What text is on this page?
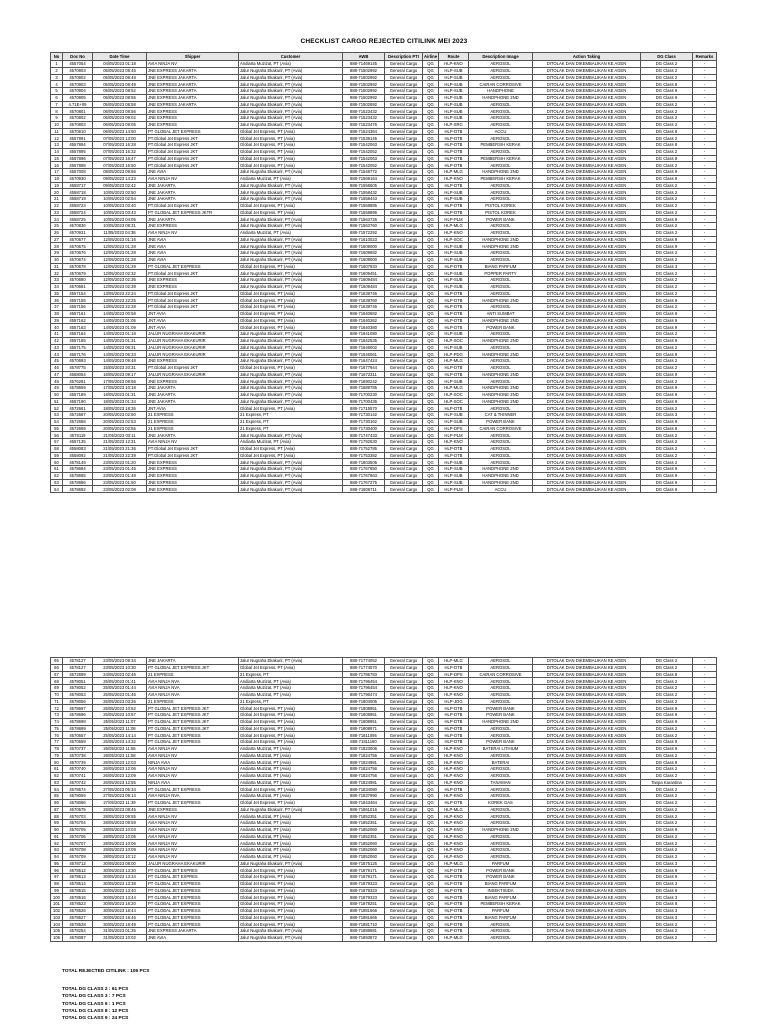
CHECKLIST CARGO REJECTED CITILINK MEI 2023
No	Doc No	Date Time	Shipper	Customer	AWB	Description PTI	Airline	Route	Description Image	Action Taking	DG Class	Remarks
1	4557054	04/05/2023 01:18	AVIA NINJA NV	Andiarta Muzizat, PT (Avia)	888-71469145	General Cargo	QG	HLP-KNO	AEROSOL	DITOLAK DAN DIKEMBALIKAN KE AGEN	DG Class 2	-
2	4570903	05/05/2023 08:45	JNE EXPRESS JAKARTA	Jalur Nugraha Ekakurir, PT (Avia)	888-71502992	General Cargo	QG	HLP-SUB	AEROSOL	DITOLAK DAN DIKEMBALIKAN KE AGEN	DG Class 2	-
3	4570902	05/05/2023 08:48	JNE EXPRESS JAKARTA	Jalur Nugraha Ekakurir, PT (Avia)	888-71502992	General Cargo	QG	HLP-SUB	AEROSOL	DITOLAK DAN DIKEMBALIKAN KE AGEN	DG Class 2	-
4	4570903	05/05/2023 08:49	JNE EXPRESS JAKARTA	Jalur Nugraha Ekakurir, PT (Avia)	888-71502992	General Cargo	QG	HLP-SUB	CAIRAN CORROSIVE	DITOLAK DAN DIKEMBALIKAN KE AGEN	DG Class 8	-
5	4570904	05/05/2023 08:52	JNE EXPRESS JAKARTA	Jalur Nugraha Ekakurir, PT (Avia)	888-71502992	General Cargo	QG	HLP-SUB	HANDPHONE	DITOLAK DAN DIKEMBALIKAN KE AGEN	DG Class 9	-
6	4570905	05/05/2023 08:55	JNE EXPRESS JAKARTA	Jalur Nugraha Ekakurir, PT (Avia)	888-71502992	General Cargo	QG	HLP-SUB	HANDPHONE 2ND	DITOLAK DAN DIKEMBALIKAN KE AGEN	DG Class 9	-
7	4.71E+09	05/05/2023 08:58	JNE EXPRESS JAKARTA	Jalur Nugraha Ekakurir, PT (Avia)	888-71502992	General Cargo	QG	HLP-SUB	AEROSOL	DITOLAK DAN DIKEMBALIKAN KE AGEN	DG Class 2	-
8	4570801	06/05/2023 08:56	JNE EXPRESS	Jalur Nugraha Ekakurir, PT (Avia)	888-71523432	General Cargo	QG	HLP-SUB	AEROSOL	DITOLAK DAN DIKEMBALIKAN KE AGEN	DG Class 2	-
9	4570802	06/05/2023 09:02	JNE EXPRESS	Jalur Nugraha Ekakurir, PT (Avia)	888-71523432	General Cargo	QG	HLP-SUB	AEROSOL	DITOLAK DAN DIKEMBALIKAN KE AGEN	DG Class 2	-
10	4570803	06/05/2023 09:05	JNE EXPRESS	Jalur Nugraha Ekakurir, PT (Avia)	888-71523476	General Cargo	QG	HLP-SRG	AEROSOL	DITOLAK DAN DIKEMBALIKAN KE AGEN	DG Class 2	-
11	4570810	06/05/2023 14:50	PT GLOBAL JET EXPRESS	Global Jet Express, PT (Avia)	888-71524364	General Cargo	QG	HLP-DTB	ACCU	DITOLAK DAN DIKEMBALIKAN KE AGEN	DG Class 8	-
12	4557891	07/05/2023 13:00	PT.Global Jet Express JKT	Global Jet Express, PT (Avia)	888-71539145	General Cargo	QG	HLP-DTB	AEROSOL	DITOLAK DAN DIKEMBALIKAN KE AGEN	DG Class 2	-
13	4557894	07/05/2023 16:28	PT.Global Jet Express JKT	Global Jet Express, PT (Avia)	888-71542063	General Cargo	QG	HLP-DTB	PEMBERSIH KERAK	DITOLAK DAN DIKEMBALIKAN KE AGEN	DG Class 8	-
14	4557895	07/05/2023 16:32	PT.Global Jet Express JKT	Global Jet Express, PT (Avia)	888-71542052	General Cargo	QG	HLP-DTB	AEROSOL	DITOLAK DAN DIKEMBALIKAN KE AGEN	DG Class 2	-
15	4557896	07/05/2023 16:47	PT.Global Jet Express JKT	Global Jet Express, PT (Avia)	888-71542063	General Cargo	QG	HLP-DTB	PEMBERSIH KERAK	DITOLAK DAN DIKEMBALIKAN KE AGEN	DG Class 8	-
16	4557898	07/05/2023 16:50	PT.Global Jet Express JKT	Global Jet Express, PT (Avia)	888-71542052	General Cargo	QG	HLP-DTB	AEROSOL	DITOLAK DAN DIKEMBALIKAN KE AGEN	DG Class 2	-
17	4557008	08/05/2023 09:56	JNE AVIA	Jalur Nugraha Ekakurir, PT (Avia)	888-71548772	General Cargo	QG	HLP-MLG	HANDPHONE 2ND	DITOLAK DAN DIKEMBALIKAN KE AGEN	DG Class 9	-
18	4570930	09/05/2023 14:23	AVIA NINJA NV	Andiarta Muzizat, PT (Avia)	888-71569164	General Cargo	QG	HLP-KNO	PEMBERSIH KERAK	DITOLAK DAN DIKEMBALIKAN KE AGEN	DG Class 8	-
19	4558717	09/05/2023 02:42	JNE JAKARTA	Jalur Nugraha Ekakurir, PT (Avia)	888-71558605	General Cargo	QG	HLP-DTB	AEROSOL	DITOLAK DAN DIKEMBALIKAN KE AGEN	DG Class 2	-
20	4558718	10/05/2023 02:50	JNE JAKARTA	Jalur Nugraha Ekakurir, PT (Avia)	888-71558432	General Cargo	QG	HLP-SUB	AEROSOL	DITOLAK DAN DIKEMBALIKAN KE AGEN	DG Class 2	-
21	4558719	10/05/2023 02:54	JNE JAKARTA	Jalur Nugraha Ekakurir, PT (Avia)	888-71558443	General Cargo	QG	HLP-SUB	AEROSOL	DITOLAK DAN DIKEMBALIKAN KE AGEN	DG Class 2	-
22	4558723	10/05/2023 03:40	PT.Global Jet Express JKT	Global Jet Express, PT (Avia)	888-71558885	General Cargo	QG	HLP-DTB	PISTOL KOREK	DITOLAK DAN DIKEMBALIKAN KE AGEN	DG Class 2	-
23	4558724	10/05/2023 03:43	PT GLOBAL JET EXPRESS JKTR	Global Jet Express, PT (Avia)	888-71558896	General Cargo	QG	HLP-DTB	PISTOL KOREK	DITOLAK DAN DIKEMBALIKAN KE AGEN	DG Class 2	-
24	4558725	10/05/2023 04:05	JNE JAKARTA	Jalur Nugraha Ekakurir, PT (Avia)	888-71563726	General Cargo	QG	HLP-PLM	POWER BANK	DITOLAK DAN DIKEMBALIKAN KE AGEN	DG Class 9	-
25	4570836	10/05/2023 08:31	JNE EXPRESS	Jalur Nugraha Ekakurir, PT (Avia)	888-71563760	General Cargo	QG	HLP-MLG	AEROSOL	DITOLAK DAN DIKEMBALIKAN KE AGEN	DG Class 2	-
26	4570931	11/05/2023 04:38	AVIA NINJA NV	Andiarta Muzizat, PT (Avia)	888-71572292	General Cargo	QG	HLP-KNO	AEROSOL	DITOLAK DAN DIKEMBALIKAN KE AGEN	DG Class 2	-
27	4570677	12/05/2023 01:16	JNE AVIA	Jalur Nugraha Ekakurir, PT (Avia)	888-71610023	General Cargo	QG	HLP-SOC	HANDPHONE 2ND	DITOLAK DAN DIKEMBALIKAN KE AGEN	DG Class 9	-
28	4570675	12/05/2023 01:28	JNE AVIA	Jalur Nugraha Ekakurir, PT (Avia)	888-71609000	General Cargo	QG	HLP-SUB	HANDPHONE 2ND	DITOLAK DAN DIKEMBALIKAN KE AGEN	DG Class 9	-
29	4570676	12/05/2023 01:28	JNE AVIA	Jalur Nugraha Ekakurir, PT (Avia)	888-71609882	General Cargo	QG	HLP-SUB	AEROSOL	DITOLAK DAN DIKEMBALIKAN KE AGEN	DG Class 2	-
30	4570674	12/05/2023 01:28	JNE AVIA	Jalur Nugraha Ekakurir, PT (Avia)	888-71609000	General Cargo	QG	HLP-SUB	AEROSOL	DITOLAK DAN DIKEMBALIKAN KE AGEN	DG Class 2	-
31	4570678	12/05/2023 01:29	PT GLOBAL JET EXPRESS	Global Jet Express, PT (Avia)	888-71607933	General Cargo	QG	HLP-DTB	BIANG PARFUM	DITOLAK DAN DIKEMBALIKAN KE AGEN	DG Class 3	-
32	4570679	12/05/2023 02:32	PT.Global Jet Express JKT	Jalur Nugraha Ekakurir, PT (Avia)	888-71609451	General Cargo	QG	HLP-SUB	POPPER PARTY	DITOLAK DAN DIKEMBALIKAN KE AGEN	DG Class 2	-
33	4570680	12/05/2023 02:36	JNE EXPRESS	Jalur Nugraha Ekakurir, PT (Avia)	888-71609484	General Cargo	QG	HLP-SUB	AEROSOL	DITOLAK DAN DIKEMBALIKAN KE AGEN	DG Class 2	-
34	4570681	12/05/2023 02:39	JNE EXPRESS	Jalur Nugraha Ekakurir, PT (Avia)	888-71609484	General Cargo	QG	HLP-SUB	AEROSOL	DITOLAK DAN DIKEMBALIKAN KE AGEN	DG Class 2	-
35	4557154	13/05/2023 22:24	PT.Global Jet Express JKT	Global Jet Express, PT (Avia)	888-71639746	General Cargo	QG	HLP-DTB	AEROSOL	DITOLAK DAN DIKEMBALIKAN KE AGEN	DG Class 2	-
36	4557155	13/05/2023 22:25	PT.Global Jet Express JKT	Global Jet Express, PT (Avia)	888-71639760	General Cargo	QG	HLP-DTB	HANDPHONE 2ND	DITOLAK DAN DIKEMBALIKAN KE AGEN	DG Class 9	-
37	4557156	13/05/2023 22:28	PT.Global Jet Express JKT	Global Jet Express, PT (Avia)	888-71639746	General Cargo	QG	HLP-DTB	AEROSOL	DITOLAK DAN DIKEMBALIKAN KE AGEN	DG Class 2	-
38	4557161	14/05/2023 00:58	JNT AVIA	Global Jet Express, PT (Avia)	888-71640682	General Cargo	QG	HLP-DTB	ANTI SUMBAT	DITOLAK DAN DIKEMBALIKAN KE AGEN	DG Class 8	-
39	4557162	14/05/2023 01:05	JNT AVIA	Global Jet Express, PT (Avia)	888-71640262	General Cargo	QG	HLP-DTB	HANDPHONE 2ND	DITOLAK DAN DIKEMBALIKAN KE AGEN	DG Class 9	-
40	4557163	14/05/2023 01:09	JNT AVIA	Global Jet Express, PT (Avia)	888-71640380	General Cargo	QG	HLP-DTB	POWER BANK	DITOLAK DAN DIKEMBALIKAN KE AGEN	DG Class 9	-
41	4557164	14/05/2023 01:18	JALUR NUGRAHA EKAKURIR	Jalur Nugraha Ekakurir, PT (Avia)	888-71641080	General Cargo	QG	HLP-SUB	AEROSOL	DITOLAK DAN DIKEMBALIKAN KE AGEN	DG Class 2	-
42	4557165	14/05/2023 01:31	JALUR NUGRAHA EKAKURIR	Jalur Nugraha Ekakurir, PT (Avia)	888-71642535	General Cargo	QG	HLP-SOC	HANDPHONE 2ND	DITOLAK DAN DIKEMBALIKAN KE AGEN	DG Class 9	-
43	4557175	14/05/2023 06:31	JALUR NUGRAHA EKAKURIR	Jalur Nugraha Ekakurir, PT (Avia)	888-71646002	General Cargo	QG	HLP-SUB	AEROSOL	DITOLAK DAN DIKEMBALIKAN KE AGEN	DG Class 2	-
44	4557176	14/05/2023 06:33	JALUR NUGRAHA EKAKURIR	Jalur Nugraha Ekakurir, PT (Avia)	888-71646061	General Cargo	QG	HLP-PDG	HANDPHONE 2ND	DITOLAK DAN DIKEMBALIKAN KE AGEN	DG Class 9	-
45	4570693	14/05/2023 09:48	JNE EXPRESS	Jalur Nugraha Ekakurir, PT (Avia)	888-71647424	General Cargo	QG	HLP-MLG	AEROSOL	DITOLAK DAN DIKEMBALIKAN KE AGEN	DG Class 2	-
46	4578775	15/05/2023 20:31	PT.Global Jet Express JKT	Global Jet Express, PT (Avia)	888-71677944	General Cargo	QG	HLP-DTB	AEROSOL	DITOLAK DAN DIKEMBALIKAN KE AGEN	DG Class 2	-
47	4558054	16/05/2023 09:17	JALUR NUGRAHA EKAKURIR	Jalur Nugraha Ekakurir, PT (Avia)	888-71672311	General Cargo	QG	HLP-DTB	HANDPHONE 2ND	DITOLAK DAN DIKEMBALIKAN KE AGEN	DG Class 9	-
48	4576281	17/05/2023 08:56	JNE EXPRESS	Jalur Nugraha Ekakurir, PT (Avia)	888-71690242	General Cargo	QG	HLP-SUB	AEROSOL	DITOLAK DAN DIKEMBALIKAN KE AGEN	DG Class 2	-
49	4578659	17/05/2023 10:18	JNE JAKARTA	Jalur Nugraha Ekakurir, PT (Avia)	888-71689785	General Cargo	QG	HLP-MLG	HANDPHONE 2ND	DITOLAK DAN DIKEMBALIKAN KE AGEN	DG Class 9	-
50	4557189	18/05/2023 01:31	JNE JAKARTA	Jalur Nugraha Ekakurir, PT (Avia)	888-71700230	General Cargo	QG	HLP-SOC	HANDPHONE 2ND	DITOLAK DAN DIKEMBALIKAN KE AGEN	DG Class 9	-
51	4557190	18/05/2023 01:34	JNE JAKARTA	Jalur Nugraha Ekakurir, PT (Avia)	888-71700436	General Cargo	QG	HLP-SOC	HANDPHONE 2ND	DITOLAK DAN DIKEMBALIKAN KE AGEN	DG Class 9	-
52	4572661	18/05/2023 18:36	JNT AVIA	Global Jet Express, PT (Avia)	888-71715570	General Cargo	QG	HLP-DTB	AEROSOL	DITOLAK DAN DIKEMBALIKAN KE AGEN	DG Class 2	-
53	4572667	20/05/2023 02:50	21 EXPRESS	21 Express, PT	888-71730142	General Cargo	QG	HLP-SUB	CAT & THINNER	DITOLAK DAN DIKEMBALIKAN KE AGEN	DG Class 3	-
54	4572668	20/05/2023 02:53	21 EXPRESS	21 Express, PT	888-71730162	General Cargo	QG	HLP-SUB	POWER BANK	DITOLAK DAN DIKEMBALIKAN KE AGEN	DG Class 9	-
55	4572669	20/05/2023 02:55	21 EXPRESS	21 Express, PT	888-71730400	General Cargo	QG	HLP-DPS	CAIRAN CORROSIVE	DITOLAK DAN DIKEMBALIKAN KE AGEN	DG Class 8	-
56	4578119	21/05/2023 03:11	JNE JAKARTA	Jalur Nugraha Ekakurir, PT (Avia)	888-71747433	General Cargo	QG	HLP-PLM	AEROSOL	DITOLAK DAN DIKEMBALIKAN KE AGEN	DG Class 2	-
57	4557135	21/05/2023 12:31	AVIA NINJA NV	Andiarta Muzizat, PT (Avia)	888-71792630	General Cargo	QG	HLP-KNO	AEROSOL	DITOLAK DAN DIKEMBALIKAN KE AGEN	DG Class 2	-
58	4558083	21/05/2023 21:36	PT.Global Jet Express JKT	Global Jet Express, PT (Avia)	888-71752785	General Cargo	QG	HLP-DTB	AEROSOL	DITOLAK DAN DIKEMBALIKAN KE AGEN	DG Class 2	-
59	4558092	21/05/2023 22:39	PT.Global Jet Express JKT	Global Jet Express, PT (Avia)	888-71753382	General Cargo	QG	HLP-DTB	AEROSOL	DITOLAK DAN DIKEMBALIKAN KE AGEN	DG Class 2	-
60	4578149	23/05/2023 01:20	JNE EXPRESS	Jalur Nugraha Ekakurir, PT (Avia)	888-71803505	General Cargo	QG	HLP-SUB	AEROSOL	DITOLAK DAN DIKEMBALIKAN KE AGEN	DG Class 2	-
61	4578684	23/05/2023 01:45	JNE EXPRESS	Jalur Nugraha Ekakurir, PT (Avia)	888-71767650	General Cargo	QG	HLP-SUB	HANDPHONE 2ND	DITOLAK DAN DIKEMBALIKAN KE AGEN	DG Class 9	-
62	4578685	23/05/2023 01:48	JNE EXPRESS	Jalur Nugraha Ekakurir, PT (Avia)	888-71767663	General Cargo	QG	HLP-SUB	HANDPHONE 2ND	DITOLAK DAN DIKEMBALIKAN KE AGEN	DG Class 9	-
63	4578686	23/05/2023 01:50	JNE EXPRESS	Jalur Nugraha Ekakurir, PT (Avia)	888-71767275	General Cargo	QG	HLP-SUB	HANDPHONE 2ND	DITOLAK DAN DIKEMBALIKAN KE AGEN	DG Class 9	-
64	4578692	23/05/2023 02:08	JNE EXPRESS	Jalur Nugraha Ekakurir, PT (Avia)	888-71806711	General Cargo	QG	HLP-PLM	ACCU	DITOLAK DAN DIKEMBALIKAN KE AGEN	DG Class 8	-
65	4578127	23/05/2023 09:34	JNE JAKARTA	Jalur Nugraha Ekakurir, PT (Avia)	888-71774052	General Cargo	QG	HLP-MLG	AEROSOL	DITOLAK DAN DIKEMBALIKAN KE AGEN	DG Class 2	-
66	4578127	23/05/2023 10:30	PT GLOBAL JET EXPRESS JKT	Global Jet Express, PT (Avia)	888-71774570	General Cargo	QG	HLP-DTB	AEROSOL	DITOLAK DAN DIKEMBALIKAN KE AGEN	DG Class 2	-
67	4572699	24/05/2023 02:46	21 EXPRESS	21 Express, PT	888-71786783	General Cargo	QG	HLP-DPS	CAIRAN CORROSIVE	DITOLAK DAN DIKEMBALIKAN KE AGEN	DG Class 8	-
68	4578051	25/05/2023 01:41	AVIA NINJA NVA	Andiarta Muzizat, PT (Avia)	888-71796454	General Cargo	QG	HLP-KNO	AEROSOL	DITOLAK DAN DIKEMBALIKAN KE AGEN	DG Class 2	-
69	4578052	25/05/2023 01:44	AVIA NINJA NVA	Andiarta Muzizat, PT (Avia)	888-71796454	General Cargo	QG	HLP-KNO	AEROSOL	DITOLAK DAN DIKEMBALIKAN KE AGEN	DG Class 2	-
70	4578053	25/05/2023 01:46	AVIA NINJA NVA	Andiarta Muzizat, PT (Avia)	888-71796474	General Cargo	QG	HLP-KNO	AEROSOL	DITOLAK DAN DIKEMBALIKAN KE AGEN	DG Class 2	-
71	4578056	25/05/2023 03:26	21 EXPRESS	21 Express, PT	888-71804005	General Cargo	QG	HLP-JOG	AEROSOL	DITOLAK DAN DIKEMBALIKAN KE AGEN	DG Class 2	-
72	4578697	25/05/2023 10:52	PT GLOBAL JET EXPRESS JKT	Global Jet Express, PT (Avia)	888-71808951	General Cargo	QG	HLP-DTB	POWER BANK	DITOLAK DAN DIKEMBALIKAN KE AGEN	DG Class 9	-
73	4578696	25/05/2023 10:57	PT GLOBAL JET EXPRESS JKT	Global Jet Express, PT (Avia)	888-71808951	General Cargo	QG	HLP-DTB	POWER BANK	DITOLAK DAN DIKEMBALIKAN KE AGEN	DG Class 9	-
74	4578698	25/05/2023 11:07	PT GLOBAL JET EXPRESS JKT	Global Jet Express, PT (Avia)	888-71808951	General Cargo	QG	HLP-DTB	HANDPHONE 2ND	DITOLAK DAN DIKEMBALIKAN KE AGEN	DG Class 9	-
75	4578699	25/05/2023 11:08	PT GLOBAL JET EXPRESS JKT	Global Jet Express, PT (Avia)	888-71808971	General Cargo	QG	HLP-DTB	AEROSOL	DITOLAK DAN DIKEMBALIKAN KE AGEN	DG Class 2	-
76	4570557	25/05/2023 14:14	PT GLOBAL JET EXPRESS	Global Jet Express, PT (Avia)	888-71811095	General Cargo	QG	HLP-DTB	AEROSOL	DITOLAK DAN DIKEMBALIKAN KE AGEN	DG Class 2	-
77	4570559	25/05/2023 14:32	PT GLOBAL JET EXPRESS	Global Jet Express, PT (Avia)	888-71811160	General Cargo	QG	HLP-DTB	POWER BANK	DITOLAK DAN DIKEMBALIKAN KE AGEN	DG Class 9	-
78	4570737	26/05/2023 11:55	AVIA NINJA NV	Andiarta Muzizat, PT (Avia)	888-71823006	General Cargo	QG	HLP-KNO	BATERAI LITHIUM	DITOLAK DAN DIKEMBALIKAN KE AGEN	DG Class 9	-
79	4570738	26/05/2023 11:58	AVIA NINJA NV	Andiarta Muzizat, PT (Avia)	888-71824756	General Cargo	QG	HLP-KNO	AEROSOL	DITOLAK DAN DIKEMBALIKAN KE AGEN	DG Class 2	-
80	4570739	26/05/2023 12:03	NINJA AVIA	Andiarta Muzizat, PT (Avia)	888-71824981	General Cargo	QG	HLP-KNO	BATERAI	DITOLAK DAN DIKEMBALIKAN KE AGEN	DG Class 9	-
81	4570740	26/05/2023 12:06	AVIA NINJA NV	Andiarta Muzizat, PT (Avia)	888-71824756	General Cargo	QG	HLP-KNO	AEROSOL	DITOLAK DAN DIKEMBALIKAN KE AGEN	DG Class 2	-
82	4570741	26/05/2023 12:09	AVIA NINJA NV	Andiarta Muzizat, PT (Avia)	888-71824756	General Cargo	QG	HLP-KNO	AEROSOL	DITOLAK DAN DIKEMBALIKAN KE AGEN	DG Class 2	-
83	4570742	26/05/2023 12:55	NINJA AVIA	Andiarta Muzizat, PT (Avia)	888-71824981	General Cargo	QG	HLP-KNO	TANAMAN	DITOLAK DAN DIKEMBALIKAN KE AGEN	Tanpa Karantina	-
84	4578574	27/05/2023 05:34	PT GLOBAL JET EXPRESS	Global Jet Express, PT (Avia)	888-71834080	General Cargo	QG	HLP-DTB	AEROSOL	DITOLAK DAN DIKEMBALIKAN KE AGEN	DG Class 2	-
85	4578059	27/05/2023 09:14	AVIA NINJA NVA	Andiarta Muzizat, PT (Avia)	888-71837990	General Cargo	QG	HLP-KNO	AEROSOL	DITOLAK DAN DIKEMBALIKAN KE AGEN	DG Class 2	-
86	4578066	27/05/2023 11:39	PT GLOBAL JET EXPRESS	Global Jet Express, PT (Avia)	888-71843464	General Cargo	QG	HLP-DTB	KOREK GAS	DITOLAK DAN DIKEMBALIKAN KE AGEN	DG Class 2	-
87	4570575	28/05/2023 08:45	JNE EXPRESS	Jalur Nugraha Ekakurir, PT (Avia)	888-71861016	General Cargo	QG	HLP-MLG	AEROSOL	DITOLAK DAN DIKEMBALIKAN KE AGEN	DG Class 2	-
88	4576703	28/05/2023 09:55	AVIA NINJA NV	Andiarta Muzizat, PT (Avia)	888-71852351	General Cargo	QG	HLP-KNO	AEROSOL	DITOLAK DAN DIKEMBALIKAN KE AGEN	DG Class 2	-
89	4576704	28/05/2023 09:59	AVIA NINJA NV	Andiarta Muzizat, PT (Avia)	888-71852351	General Cargo	QG	HLP-KNO	AEROSOL	DITOLAK DAN DIKEMBALIKAN KE AGEN	DG Class 2	-
90	4576705	28/05/2023 10:03	AVIA NINJA NV	Andiarta Muzizat, PT (Avia)	888-71852060	General Cargo	QG	HLP-KNO	HANDPHONE 2ND	DITOLAK DAN DIKEMBALIKAN KE AGEN	DG Class 9	-
91	4576706	28/05/2023 10:05	AVIA NINJA NV	Andiarta Muzizat, PT (Avia)	888-71852351	General Cargo	QG	HLP-KNO	AEROSOL	DITOLAK DAN DIKEMBALIKAN KE AGEN	DG Class 2	-
92	4576707	28/05/2023 10:06	AVIA NINJA NV	Andiarta Muzizat, PT (Avia)	888-71852060	General Cargo	QG	HLP-KNO	AEROSOL	DITOLAK DAN DIKEMBALIKAN KE AGEN	DG Class 2	-
93	4576708	28/05/2023 10:09	AVIA NINJA NV	Andiarta Muzizat, PT (Avia)	888-71852060	General Cargo	QG	HLP-KNO	AEROSOL	DITOLAK DAN DIKEMBALIKAN KE AGEN	DG Class 2	-
94	4576709	28/05/2023 10:12	AVIA NINJA NV	Andiarta Muzizat, PT (Avia)	888-71852060	General Cargo	QG	HLP-KNO	AEROSOL	DITOLAK DAN DIKEMBALIKAN KE AGEN	DG Class 2	-
95	4578712	30/05/2023 08:00	JALUR NUGRAHA EKAKURIR	Jalur Nugraha Ekakurir, PT (Avia)	888-71875125	General Cargo	QG	HLP-MLG	PARFUM	DITOLAK DAN DIKEMBALIKAN KE AGEN	DG Class 3	-
96	4578512	30/05/2023 13:30	PT GLOBAL JET EXPRES	Global Jet Express, PT (Avia)	888-71879171	General Cargo	QG	HLP-DTB	POWER BANK	DITOLAK DAN DIKEMBALIKAN KE AGEN	DG Class 9	-
97	4578513	30/05/2023 13:34	PT GLOBAL JET EXPRES	Global Jet Express, PT (Avia)	888-71879171	General Cargo	QG	HLP-DTB	POWER BANK	DITOLAK DAN DIKEMBALIKAN KE AGEN	DG Class 9	-
98	4578514	30/05/2023 13:38	PT GLOBAL JET EXPRESS	Global Jet Express, PT (Avia)	888-71879323	General Cargo	QG	HLP-DTB	BIANG PARFUM	DITOLAK DAN DIKEMBALIKAN KE AGEN	DG Class 3	-
99	4578515	30/05/2023 13:40	PT GLOBAL JET EXPRESS	Global Jet Express, PT (Avia)	888-71879323	General Cargo	QG	HLP-DTB	INSEKTISIDA	DITOLAK DAN DIKEMBALIKAN KE AGEN	DG Class 6	-
100	4578516	30/05/2023 13:44	PT GLOBAL JET EXPRESS	Global Jet Express, PT (Avia)	888-71879323	General Cargo	QG	HLP-DTB	BIANG PARFUM	DITOLAK DAN DIKEMBALIKAN KE AGEN	DG Class 3	-
101	4578523	30/05/2023 18:20	PT GLOBAL JET EXPRESS	Global Jet Express, PT (Avia)	888-71878251	General Cargo	QG	HLP-DTB	PEMBERSIH KERAK	DITOLAK DAN DIKEMBALIKAN KE AGEN	DG Class 8	-
102	4578526	30/05/2023 18:44	PT GLOBAL JET EXPRESS	Global Jet Express, PT (Avia)	888-71881666	General Cargo	QG	HLP-DTB	PARFUM	DITOLAK DAN DIKEMBALIKAN KE AGEN	DG Class 3	-
103	4578527	30/05/2023 18:46	PT GLOBAL JET EXPRESS	Global Jet Express, PT (Avia)	888-71881666	General Cargo	QG	HLP-DTB	BIANG PARFUM	DITOLAK DAN DIKEMBALIKAN KE AGEN	DG Class 3	-
104	4578528	30/05/2023 18:49	PT GLOBAL JET EXPRESS	Global Jet Express, PT (Avia)	888-71881710	General Cargo	QG	HLP-DTB	AEROSOL	DITOLAK DAN DIKEMBALIKAN KE AGEN	DG Class 2	-
105	4578254	31/05/2023 01:35	JNE EXPRESS JAKARTA	Jalur Nugraha Ekakurir, PT (Avia)	888-71888681	General Cargo	QG	HLP-DTB	AEROSOL	DITOLAK DAN DIKEMBALIKAN KE AGEN	DG Class 2	-
106	4578087	31/05/2023 10:02	JNE AVIA	Jalur Nugraha Ekakurir, PT (Avia)	888-71893872	General Cargo	QG	HLP-MLG	AEROSOL	DITOLAK DAN DIKEMBALIKAN KE AGEN	DG Class 2	-
TOTAL REJECTED CITILINK : 106 PCS
TOTAL DG CLASS 2 : 61 PCS
TOTAL DG CLASS 3 : 7 PCS
TOTAL DG CLASS 6 : 1 PCS
TOTAL DG CLASS 8 : 12 PCS
TOTAL DG CLASS 9 : 24 PCS
